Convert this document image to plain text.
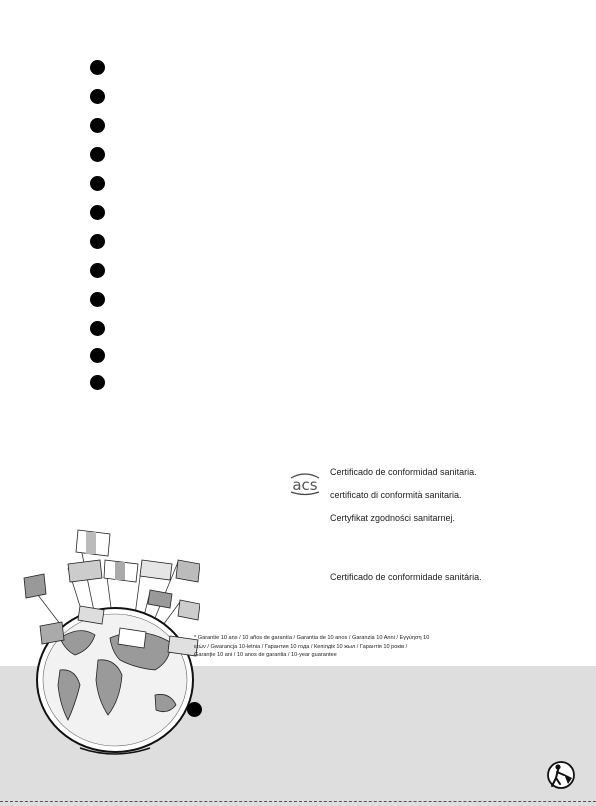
acs
Certificado de conformidad sanitaria.
certificato di conformità sanitaria.
Certyfikat zgodności sanitarnej.
Certificado de conformidade sanitária.
* Garantie 10 ans / 10 años de garantía / Garantia de 10 anos / Garanzia 10 Anni / Εγγύηση 10
ετών / Gwarancja 10-letnia / Гарантия 10 года / Кепiлдiк 10 жыл / Гарантiя 10 рокiв /
Garanție 10 ani / 10 anos de garantia / 10-year guarantee
